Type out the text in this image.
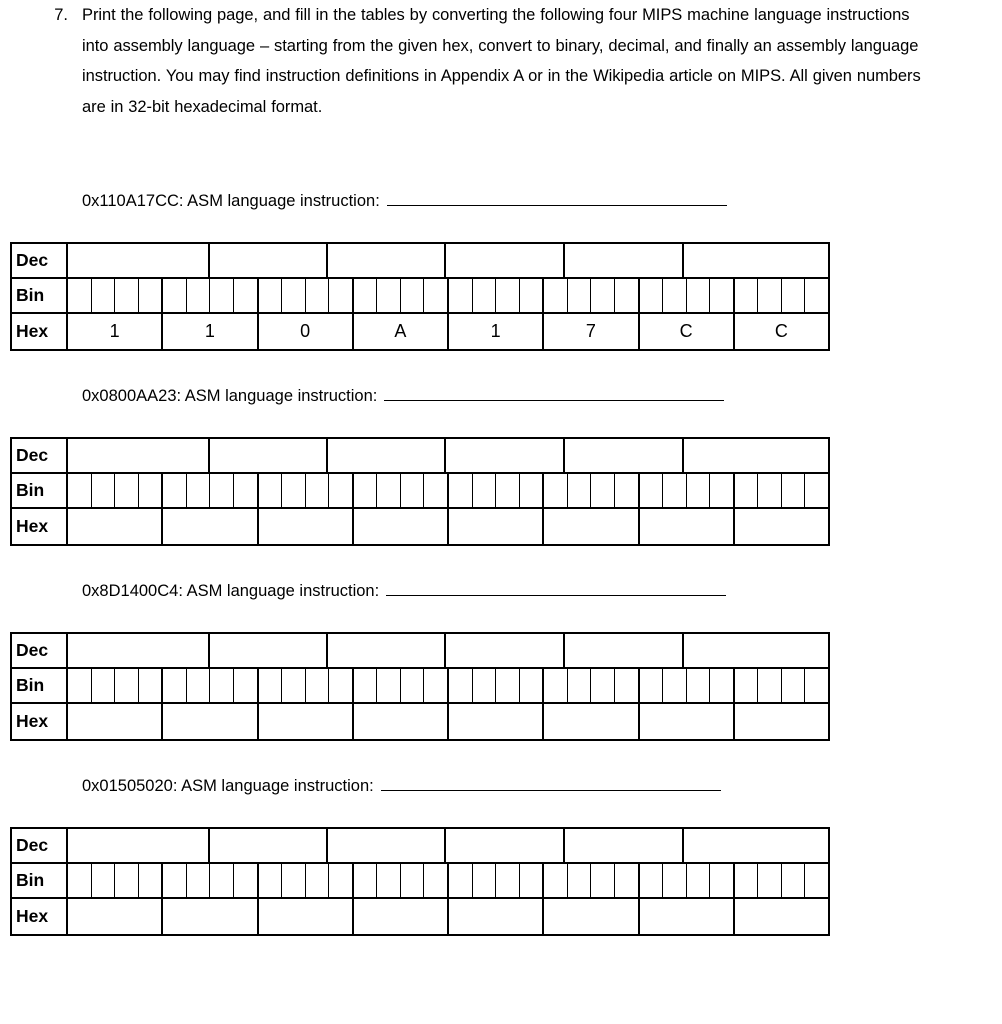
7. Print the following page, and fill in the tables by converting the following four MIPS machine language instructions into assembly language – starting from the given hex, convert to binary, decimal, and finally an assembly language instruction. You may find instruction definitions in Appendix A or in the Wikipedia article on MIPS. All given numbers are in 32-bit hexadecimal format.
0x110A17CC: ASM language instruction:
Dec
Bin
Hex	1	1	0	A	1	7	C	C
0x0800AA23: ASM language instruction:
Dec
Bin
Hex
0x8D1400C4: ASM language instruction:
Dec
Bin
Hex
0x01505020: ASM language instruction:
Dec
Bin
Hex
